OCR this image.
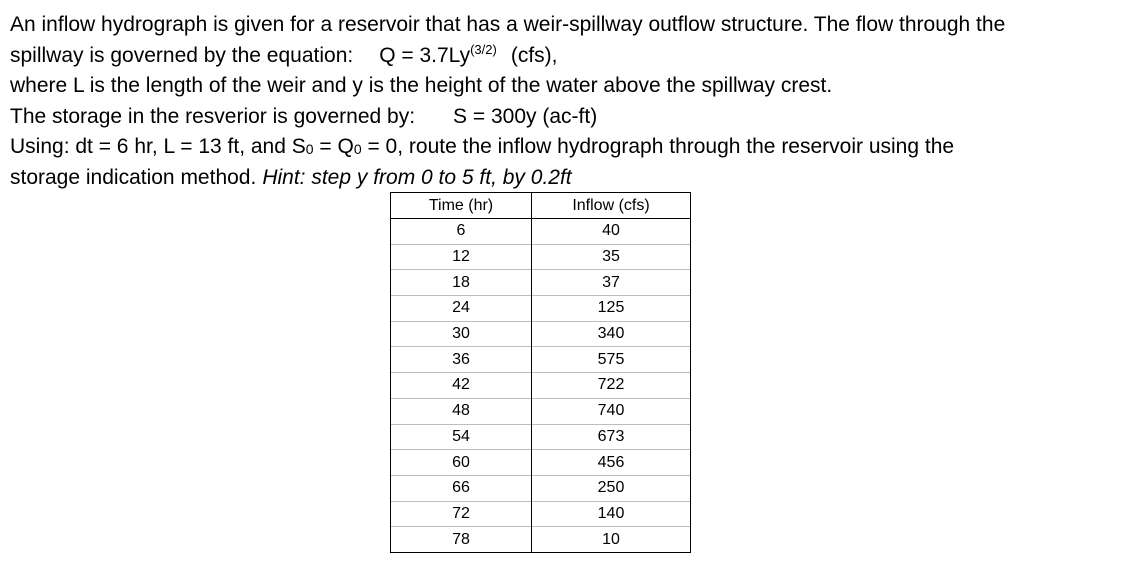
An inflow hydrograph is given for a reservoir that has a weir-spillway outflow structure. The flow through the
spillway is governed by the equation: $Q = 3.7Ly^{(3/2)}$ (cfs),
where L is the length of the weir and y is the height of the water above the spillway crest.
The storage in the resverior is governed by: S = 300y (ac-ft)
Using: dt = 6 hr, L = 13 ft, and $S_0 = Q_0 = 0$, route the inflow hydrograph through the reservoir using the
storage indication method. Hint: step y from 0 to 5 ft, by 0.2ft
Time (hr)	Inflow (cfs)
6	40
12	35
18	37
24	125
30	340
36	575
42	722
48	740
54	673
60	456
66	250
72	140
78	10
